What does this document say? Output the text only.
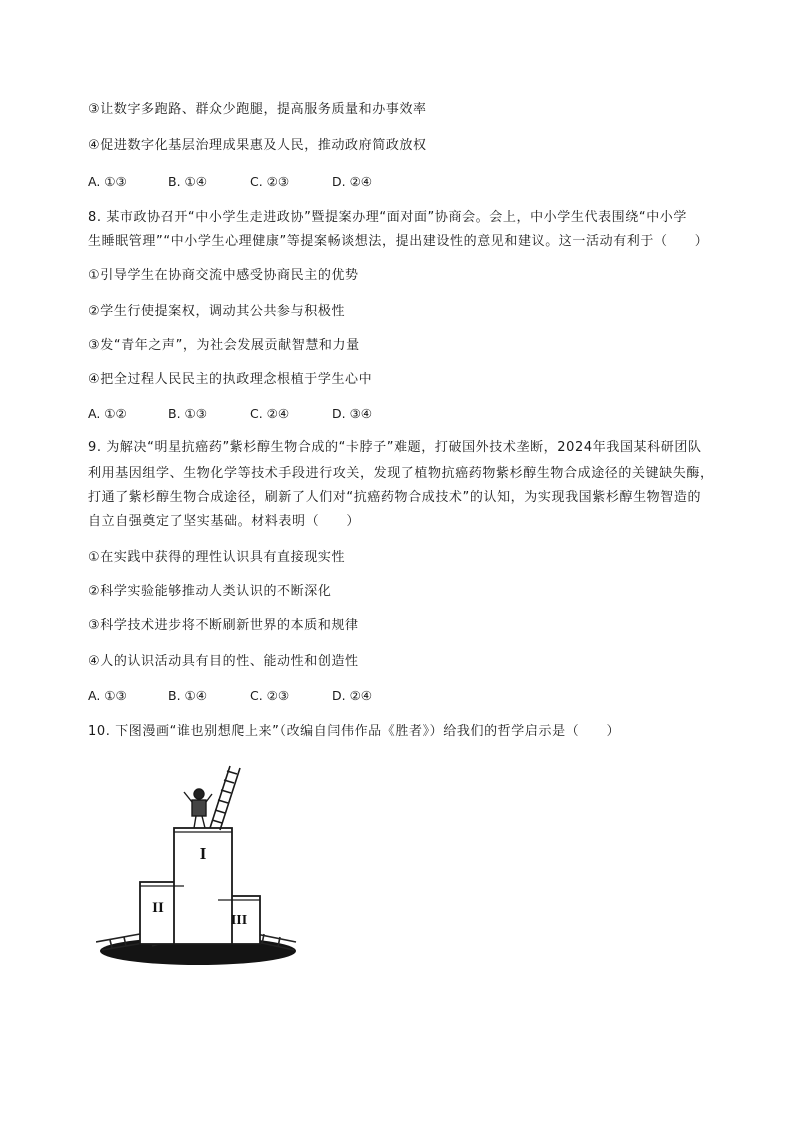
③让数字多跑路、群众少跑腿，提高服务质量和办事效率

④促进数字化基层治理成果惠及人民，推动政府简政放权

A. ①③	B. ①④	C. ②③	D. ②④

8. 某市政协召开“中小学生走进政协”暨提案办理“面对面”协商会。会上，中小学生代表围绕“中小学

生睡眠管理”“中小学生心理健康”等提案畅谈想法，提出建设性的意见和建议。这一活动有利于（　　）

①引导学生在协商交流中感受协商民主的优势

②学生行使提案权，调动其公共参与积极性

③发“青年之声”，为社会发展贡献智慧和力量

④把全过程人民民主的执政理念根植于学生心中

A. ①②	B. ①③	C. ②④	D. ③④

9. 为解决“明星抗癌药”紫杉醇生物合成的“卡脖子”难题，打破国外技术垄断，2024年我国某科研团队

利用基因组学、生物化学等技术手段进行攻关，发现了植物抗癌药物紫杉醇生物合成途径的关键缺失酶，

打通了紫杉醇生物合成途径，刷新了人们对“抗癌药物合成技术”的认知，为实现我国紫杉醇生物智造的

自立自强奠定了坚实基础。材料表明（　　）

①在实践中获得的理性认识具有直接现实性

②科学实验能够推动人类认识的不断深化

③科学技术进步将不断刷新世界的本质和规律

④人的认识活动具有目的性、能动性和创造性

A. ①③	B. ①④	C. ②③	D. ②④

10. 下图漫画“谁也别想爬上来”（改编自闫伟作品《胜者》）给我们的哲学启示是（　　）

I
II
III
